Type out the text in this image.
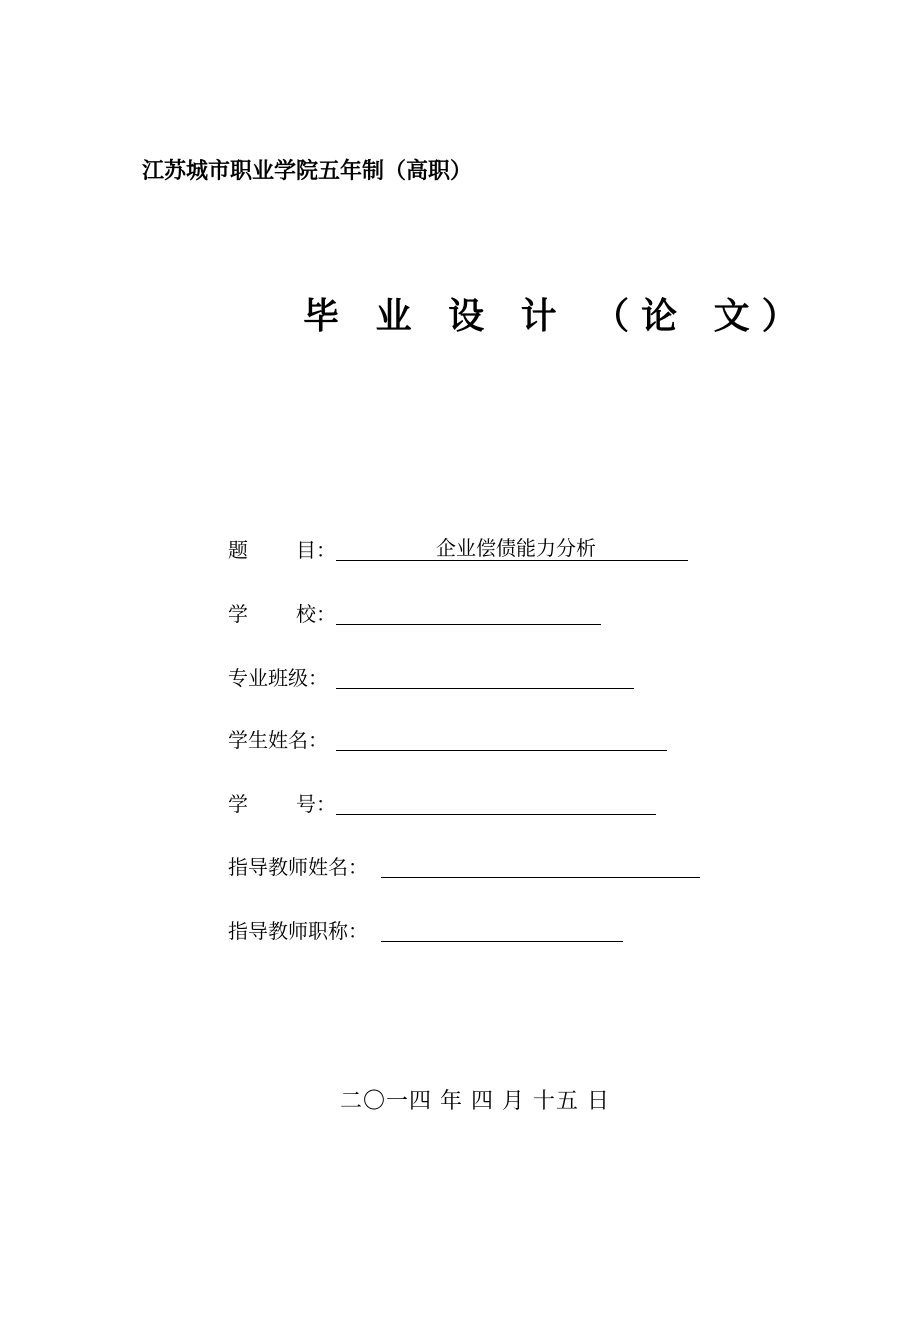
江苏城市职业学院五年制（高职）
毕 业 设 计 （论 文）
题 目：	企业偿债能力分析
学 校：
专业班级：
学生姓名：
学 号：
指导教师姓名：
指导教师职称：
二〇一四 年 四 月 十五 日
